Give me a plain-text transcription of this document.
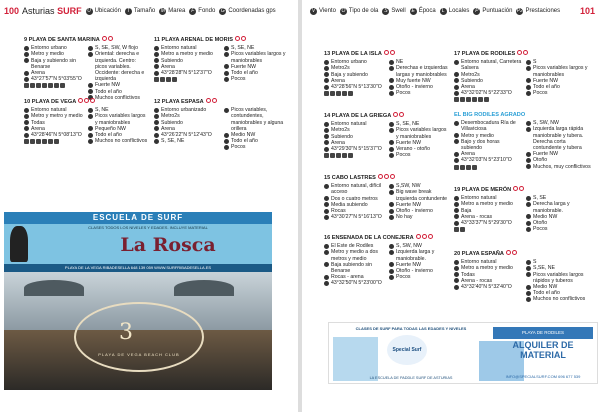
100 Asturias SURF	U Ubicación	T Tamaño M Marea	F Fondo	G Coordenadas gps
9 PLAYA DE SANTA MARINA
Entorno urbano
Metro y medio
Baja y subiendo sin Benarse
Arena
43°27'57"N 5°03'55"O
S, SE, SW, W flojo
Oriental: derecha e izquierda. Centro: picos variables. Occidente: derecha e izquierda
Fuerte NW
Todo el año
Muchos conflictivos
10 PLAYA DE VEGA
Entorno natural
Metro y metro y medio
Todas
Arena
43°28'46"N 5°08'13"O
S, NE
Picos variables largos y maniobrables
Pequeño NW
Todo el año
Muchos no conflictivos
11 PLAYA ARENAL DE MORIS
Entorno natural
Metro a metro y medio
Subiendo
Arena
43°28'28"N 5°12'37"O
S, SE, NE
Picos variables largos y maniobrables
Fuerte NW
Todo el año
Pocos
12 PLAYA ESPASA
Entorno urbanizado
Metro2s
Subiendo
Arena
43°26'22"N 5°12'43"O
S, SE, NE
Picos variables, contundentes, maniobrables y alguna orillera
Medio NW
Todo el año
Pocos
ESCUELA DE SURF
CLASES TODOS LOS NIVELES Y EDADES. INCLUYE MATERIAL
La Rosca
PLAYA DE LA VEGA RIBADESELLA 648 139 059 WWW.SURFRIBADESELLA.ES
3
PLAYA DE VEGA BEACH CLUB
V Viento	O Tipo de ola	S Swell	E Época	L Locales	P Puntuación P2 Prestaciones 101
13 PLAYA DE LA ISLA
Entorno urbano
Metro2s
Baja y subiendo
Arena
43°28'56"N 5°13'30"O
NE
Derechas e izquierdas largas y maniobrables
Muy fuerte NW
Otoño - invierno
Pocos
14 PLAYA DE LA GRIEGA
Entorno natural
Metro2s
Subiendo
Arena
43°29'30"N 5°15'37"O
S, SE, NE
Picos variables largos y maniobrables
Fuerte NW
Verano - otoño
Pocos
15 CABO LASTRES
Entorno natural, difícil acceso
Dos o cuatro metros
Media subiendo
Rocas
43°30'27"N 5°16'13"O
S,SW, NW
Big wave break izquierda contundente
Fuerte NW
Otoño - invierno
No hay
16 ENSENADA DE LA CONEJERA
El Este de Rodiles
Metro y medio a dos metros y medio
Baja subiendo sin Benarse
Rocas - arena
43°32'50"N 5°23'00"O
S, SW, NW
Izquierda larga y maniobrable.
Fuerte NW
Otoño - invierno
Pocos
17 PLAYA DE RODILES
Entorno natural, Carretera Salsera
Metro2s
Subiendo
Arena
43°32'02"N 5°22'33"O
S
Picos variables largos y maniobrables
Fuerte NW
Todo el año
Pocos
EL BIG RODILES AGRADO
Desembocadura Ría de Villaviciosa
Metro y medio
Bajo y dos horas subiendo
Arena
43°32'03"N 5°23'10"O
S, SW, NW
Izquierda larga rápida maniobrable y tubera. Derecha corta contundente y tubera
Fuerte NW
Otoño
Muchos, muy conflictivos
19 PLAYA DE MERÓN
Entorno natural
Metro a metro y medio
Baja
Arena - rocas
43°33'37"N 5°29'30"O
S, SE
Derecha larga y maniobrable.
Medio NW
Otoño
Pocos
20 PLAYA ESPAÑA
Entorno natural
Metro a metro y medio
Todas
Arena - rocas
43°32'40"N 5°32'40"O
S
S,SE, NE
Picos variables largos rápidos y tuberos
Medio NW
Todo el año
Muchos no conflictivos
CLASES DE SURF PARA TODAS LAS EDADES Y NIVELES
Special Surf
LA ESCUELA DE PADDLE SURF DE ASTURIAS
PLAYA DE RODILES
ALQUILER DE MATERIAL
INFO@SPECIALSURF.COM 696 677 539
